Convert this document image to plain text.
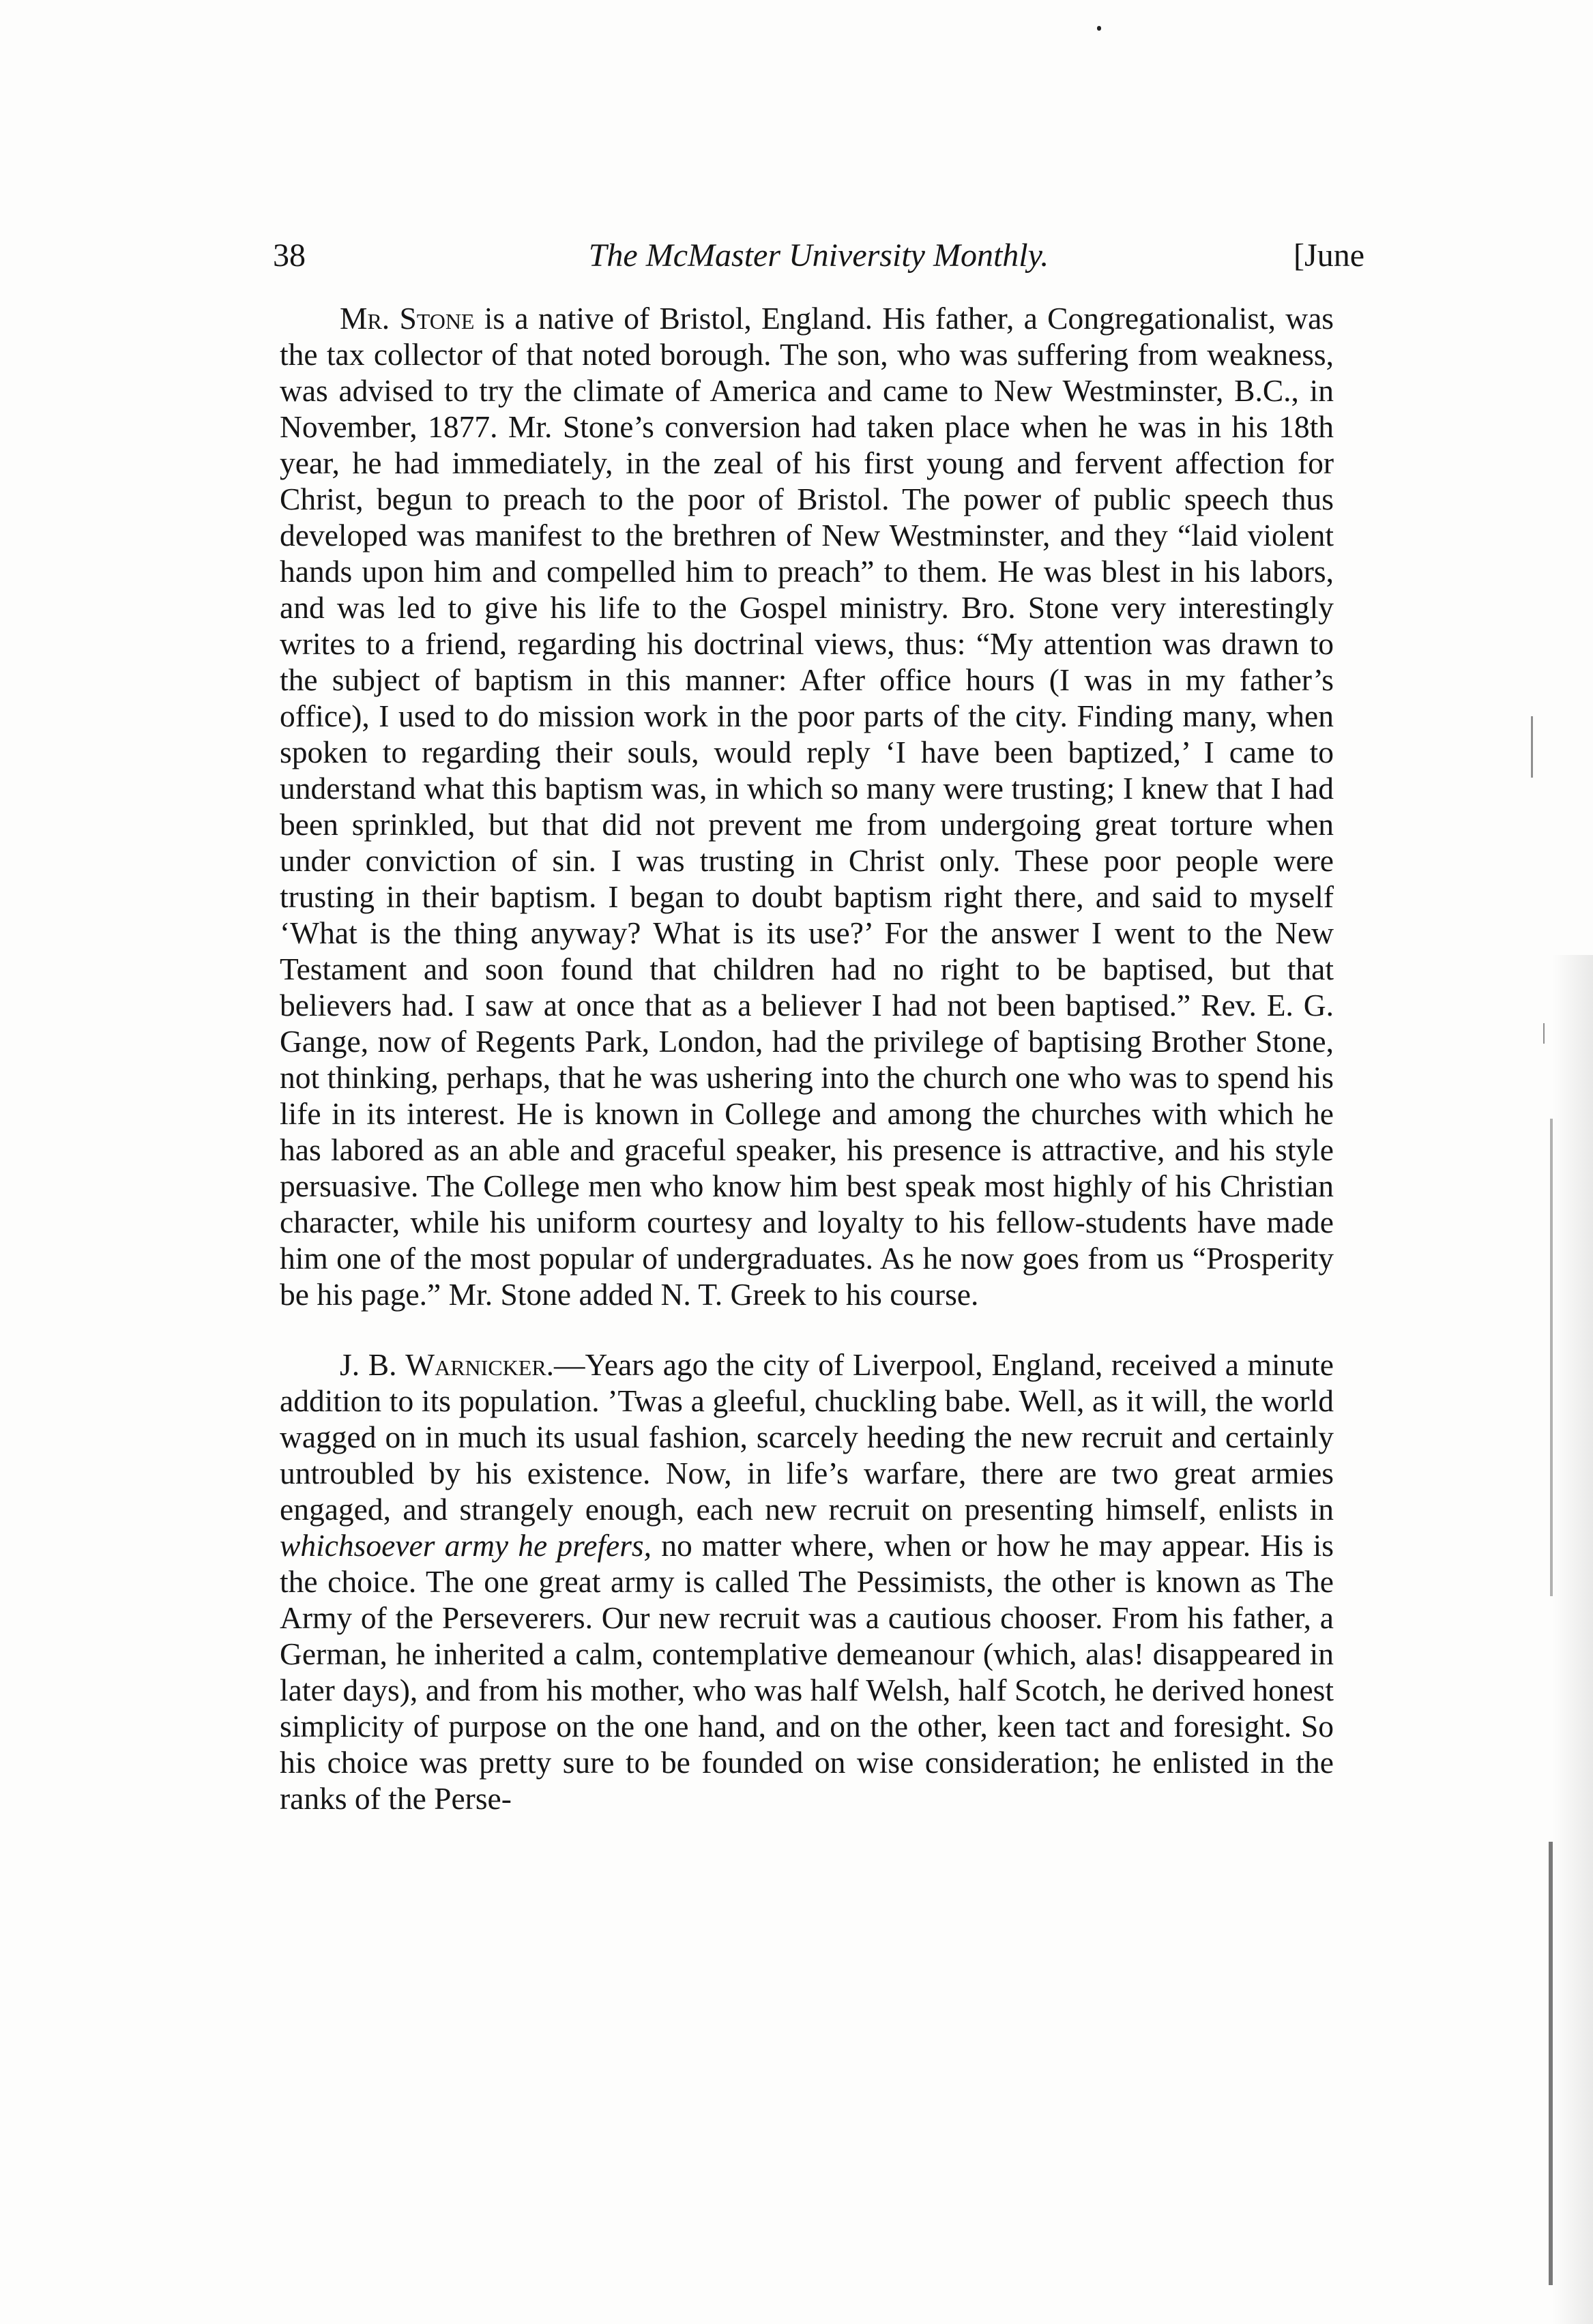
38	The McMaster University Monthly.	[June

Mr. Stone is a native of Bristol, England. His father, a Congregationalist, was the tax collector of that noted borough. The son, who was suffering from weakness, was advised to try the climate of America and came to New Westminster, B.C., in November, 1877. Mr. Stone’s conversion had taken place when he was in his 18th year, he had immediately, in the zeal of his first young and fervent affection for Christ, begun to preach to the poor of Bristol. The power of public speech thus developed was manifest to the brethren of New Westminster, and they “laid violent hands upon him and compelled him to preach” to them. He was blest in his labors, and was led to give his life to the Gospel ministry. Bro. Stone very interestingly writes to a friend, regarding his doctrinal views, thus: “My attention was drawn to the subject of baptism in this manner: After office hours (I was in my father’s office), I used to do mission work in the poor parts of the city. Finding many, when spoken to regarding their souls, would reply ‘I have been baptized,’ I came to understand what this baptism was, in which so many were trusting; I knew that I had been sprinkled, but that did not prevent me from undergoing great torture when under conviction of sin. I was trusting in Christ only. These poor people were trusting in their baptism. I began to doubt baptism right there, and said to myself ‘What is the thing anyway? What is its use?’ For the answer I went to the New Testament and soon found that children had no right to be baptised, but that believers had. I saw at once that as a believer I had not been baptised.” Rev. E. G. Gange, now of Regents Park, London, had the privilege of baptising Brother Stone, not thinking, perhaps, that he was ushering into the church one who was to spend his life in its interest. He is known in College and among the churches with which he has labored as an able and graceful speaker, his presence is attractive, and his style persuasive. The College men who know him best speak most highly of his Christian character, while his uniform courtesy and loyalty to his fellow-students have made him one of the most popular of undergraduates. As he now goes from us “Prosperity be his page.” Mr. Stone added N. T. Greek to his course.

J. B. Warnicker.—Years ago the city of Liverpool, England, received a minute addition to its population. ’Twas a gleeful, chuckling babe. Well, as it will, the world wagged on in much its usual fashion, scarcely heeding the new recruit and certainly untroubled by his existence. Now, in life’s warfare, there are two great armies engaged, and strangely enough, each new recruit on presenting himself, enlists in whichsoever army he prefers, no matter where, when or how he may appear. His is the choice. The one great army is called The Pessimists, the other is known as The Army of the Perseverers. Our new recruit was a cautious chooser. From his father, a German, he inherited a calm, contemplative demeanour (which, alas! disappeared in later days), and from his mother, who was half Welsh, half Scotch, he derived honest simplicity of purpose on the one hand, and on the other, keen tact and foresight. So his choice was pretty sure to be founded on wise consideration; he enlisted in the ranks of the Perse-
